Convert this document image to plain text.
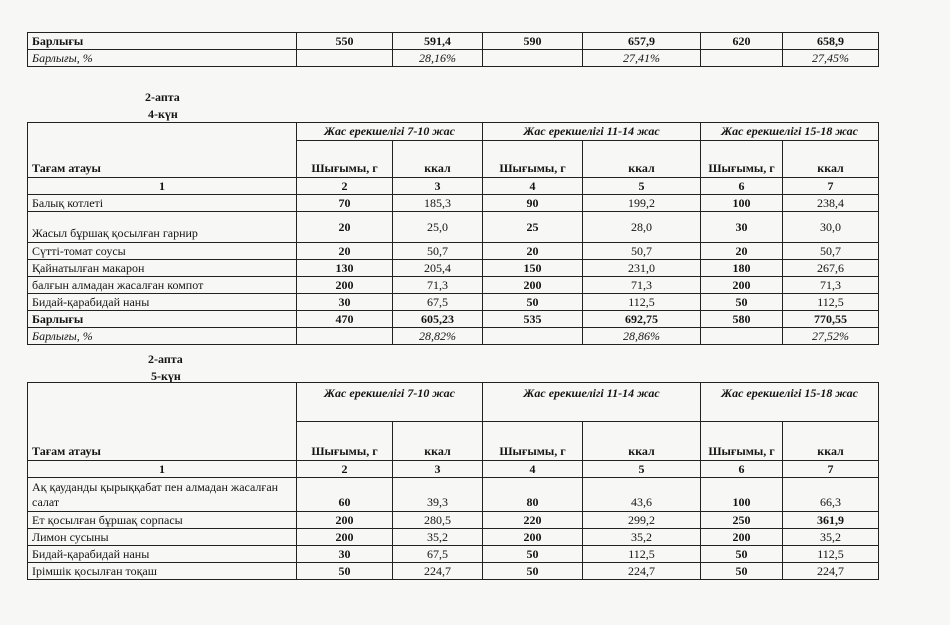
Барлығы	550	591,4	590	657,9	620	658,9
Барлығы, %		28,16%		27,41%		27,45%
2-апта
4-күн
Тағам атауы	Жас ерекшелігі 7-10 жас		Жас ерекшелігі 11-14 жас		Жас ерекшелігі 15-18 жас	
	Шығымы, г	ккал	Шығымы, г	ккал	Шығымы, г	ккал
1	2	3	4	5	6	7
Балық котлеті	70	185,3	90	199,2	100	238,4
Жасыл бұршақ қосылған гарнир	20	25,0	25	28,0	30	30,0
Сүтті-томат соусы	20	50,7	20	50,7	20	50,7
Қайнатылған макарон	130	205,4	150	231,0	180	267,6
балғын алмадан жасалған компот	200	71,3	200	71,3	200	71,3
Бидай-қарабидай наны	30	67,5	50	112,5	50	112,5
Барлығы	470	605,23	535	692,75	580	770,55
Барлығы, %		28,82%		28,86%		27,52%
2-апта
5-күн
Тағам атауы	Жас ерекшелігі 7-10 жас		Жас ерекшелігі 11-14 жас		Жас ерекшелігі 15-18 жас	
	Шығымы, г	ккал	Шығымы, г	ккал	Шығымы, г	ккал
1	2	3	4	5	6	7
Ақ қауданды қырыққабат пен алмадан жасалған салат	60	39,3	80	43,6	100	66,3
Ет қосылған бұршақ сорпасы	200	280,5	220	299,2	250	361,9
Лимон сусыны	200	35,2	200	35,2	200	35,2
Бидай-қарабидай наны	30	67,5	50	112,5	50	112,5
Ірімшік қосылған тоқаш	50	224,7	50	224,7	50	224,7
